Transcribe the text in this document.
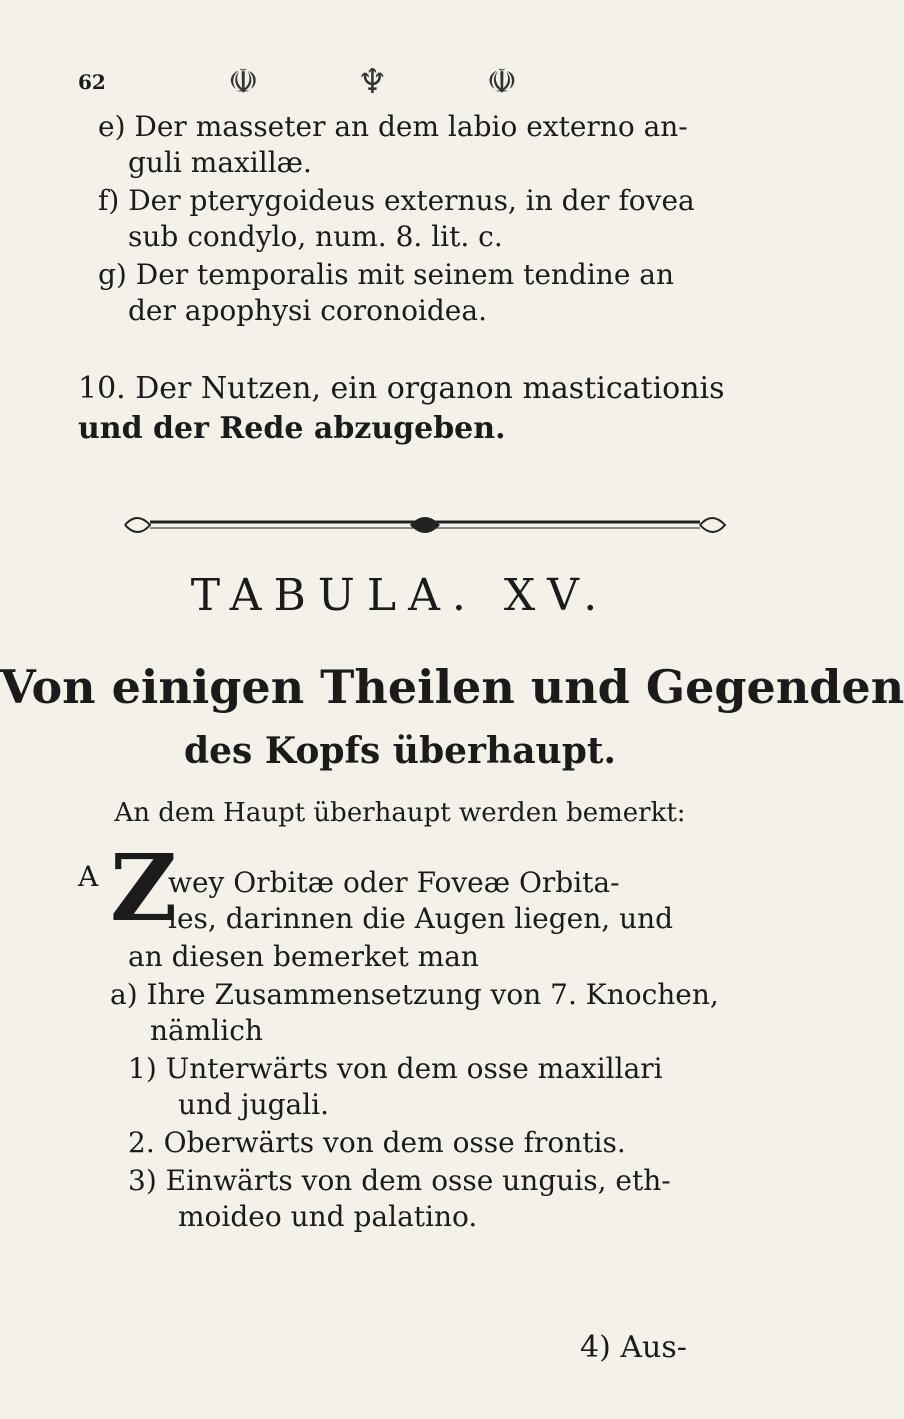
62	☫ ♆ ☫
e) Der masseter an dem labio externo an-
guli maxillæ.
f) Der pterygoideus externus, in der fovea
sub condylo, num. 8. lit. c.
g) Der temporalis mit seinem tendine an
der apophysi coronoidea.
10. Der Nutzen, ein organon masticationis
und der Rede abzugeben.
TABULA. XV.
Von einigen Theilen und Gegenden
des Kopfs überhaupt.
An dem Haupt überhaupt werden bemerkt:
A Z
wey Orbitæ oder Foveæ Orbita-
les, darinnen die Augen liegen, und
an diesen bemerket man
a) Ihre Zusammensetzung von 7. Knochen,
nämlich
1) Unterwärts von dem osse maxillari
und jugali.
2. Oberwärts von dem osse frontis.
3) Einwärts von dem osse unguis, eth-
moideo und palatino.
4) Aus-
